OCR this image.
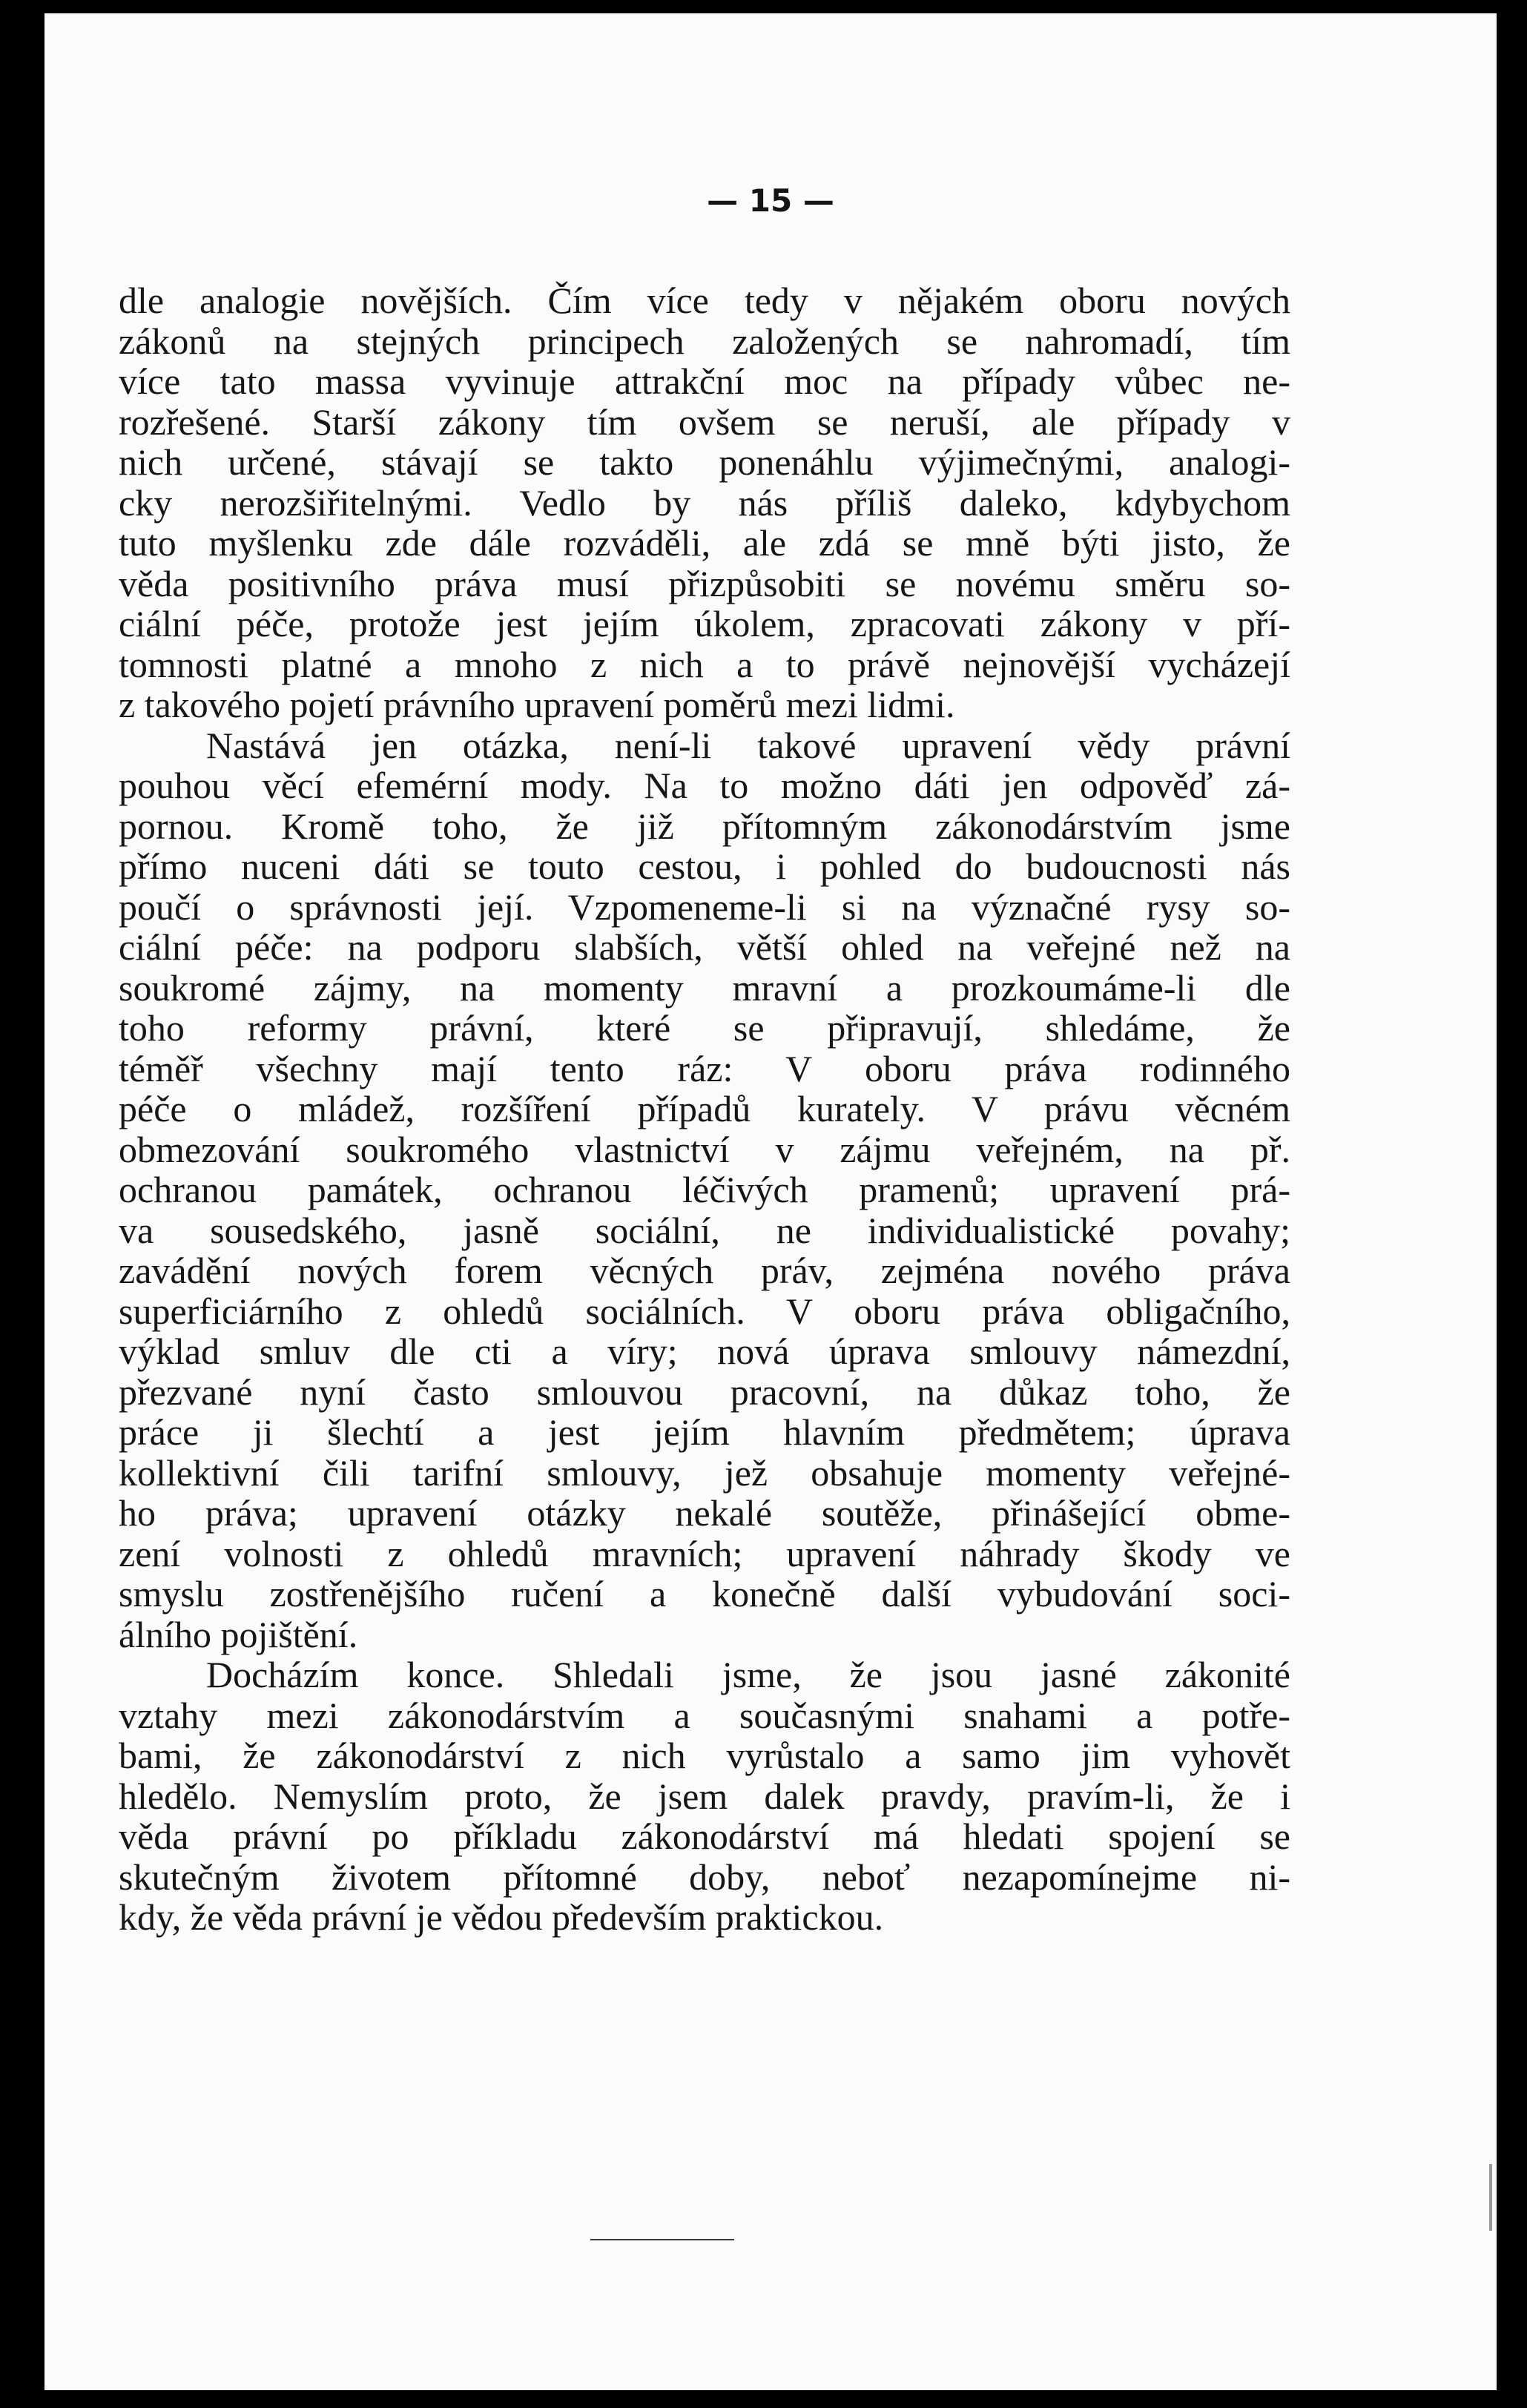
— 15 —
dle analogie novějších. Čím více tedy v nějakém oboru nových
zákonů na stejných principech založených se nahromadí, tím
více tato massa vyvinuje attrakční moc na případy vůbec ne-
rozřešené. Starší zákony tím ovšem se neruší, ale případy v
nich určené, stávají se takto ponenáhlu výjimečnými, analogi-
cky nerozšiřitelnými. Vedlo by nás příliš daleko, kdybychom
tuto myšlenku zde dále rozváděli, ale zdá se mně býti jisto, že
věda positivního práva musí přizpůsobiti se novému směru so-
ciální péče, protože jest jejím úkolem, zpracovati zákony v pří-
tomnosti platné a mnoho z nich a to právě nejnovější vycházejí
z takového pojetí právního upravení poměrů mezi lidmi.
Nastává jen otázka, není-li takové upravení vědy právní
pouhou věcí efemérní mody. Na to možno dáti jen odpověď zá-
pornou. Kromě toho, že již přítomným zákonodárstvím jsme
přímo nuceni dáti se touto cestou, i pohled do budoucnosti nás
poučí o správnosti její. Vzpomeneme-li si na význačné rysy so-
ciální péče: na podporu slabších, větší ohled na veřejné než na
soukromé zájmy, na momenty mravní a prozkoumáme-li dle
toho reformy právní, které se připravují, shledáme, že
téměř všechny mají tento ráz: V oboru práva rodinného
péče o mládež, rozšíření případů kurately. V právu věcném
obmezování soukromého vlastnictví v zájmu veřejném, na př.
ochranou památek, ochranou léčivých pramenů; upravení prá-
va sousedského, jasně sociální, ne individualistické povahy;
zavádění nových forem věcných práv, zejména nového práva
superficiárního z ohledů sociálních. V oboru práva obligačního,
výklad smluv dle cti a víry; nová úprava smlouvy námezdní,
přezvané nyní často smlouvou pracovní, na důkaz toho, že
práce ji šlechtí a jest jejím hlavním předmětem; úprava
kollektivní čili tarifní smlouvy, jež obsahuje momenty veřejné-
ho práva; upravení otázky nekalé soutěže, přinášející obme-
zení volnosti z ohledů mravních; upravení náhrady škody ve
smyslu zostřenějšího ručení a konečně další vybudování soci-
álního pojištění.
Docházím konce. Shledali jsme, že jsou jasné zákonité
vztahy mezi zákonodárstvím a současnými snahami a potře-
bami, že zákonodárství z nich vyrůstalo a samo jim vyhovět
hledělo. Nemyslím proto, že jsem dalek pravdy, pravím-li, že i
věda právní po příkladu zákonodárství má hledati spojení se
skutečným životem přítomné doby, neboť nezapomínejme ni-
kdy, že věda právní je vědou především praktickou.
